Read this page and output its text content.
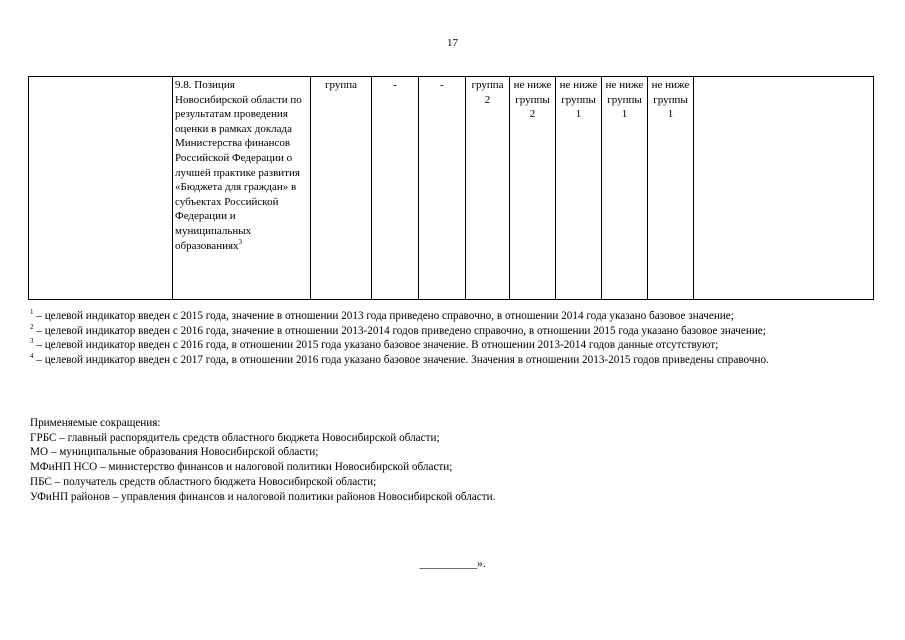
17
	9.8. Позиция Новосибирской области по результатам проведения оценки в рамках доклада Министерства финансов Российской Федерации о лучшей практике развития «Бюджета для граждан» в субъектах Российской Федерации и муниципальных образованиях$^3$	группа	-	-	группа 2	не ниже группы 2	не ниже группы 1	не ниже группы 1	не ниже группы 1	

$^1$ – целевой индикатор введен с 2015 года, значение в отношении 2013 года приведено справочно, в отношении 2014 года указано базовое значение;

$^2$ – целевой индикатор введен с 2016 года, значение в отношении 2013-2014 годов приведено справочно, в отношении 2015 года указано базовое значение;

$^3$ – целевой индикатор введен с 2016 года, в отношении 2015 года указано базовое значение. В отношении 2013-2014 годов данные отсутствуют;

$^4$ – целевой индикатор введен с 2017 года, в отношении 2016 года указано базовое значение. Значения в отношении 2013-2015 годов приведены справочно.

Применяемые сокращения:

ГРБС – главный распорядитель средств областного бюджета Новосибирской области;

МО – муниципальные образования Новосибирской области;

МФиНП НСО – министерство финансов и налоговой политики Новосибирской области;

ПБС – получатель средств областного бюджета Новосибирской области;

УФиНП районов – управления финансов и налоговой политики районов Новосибирской области.

__________».
